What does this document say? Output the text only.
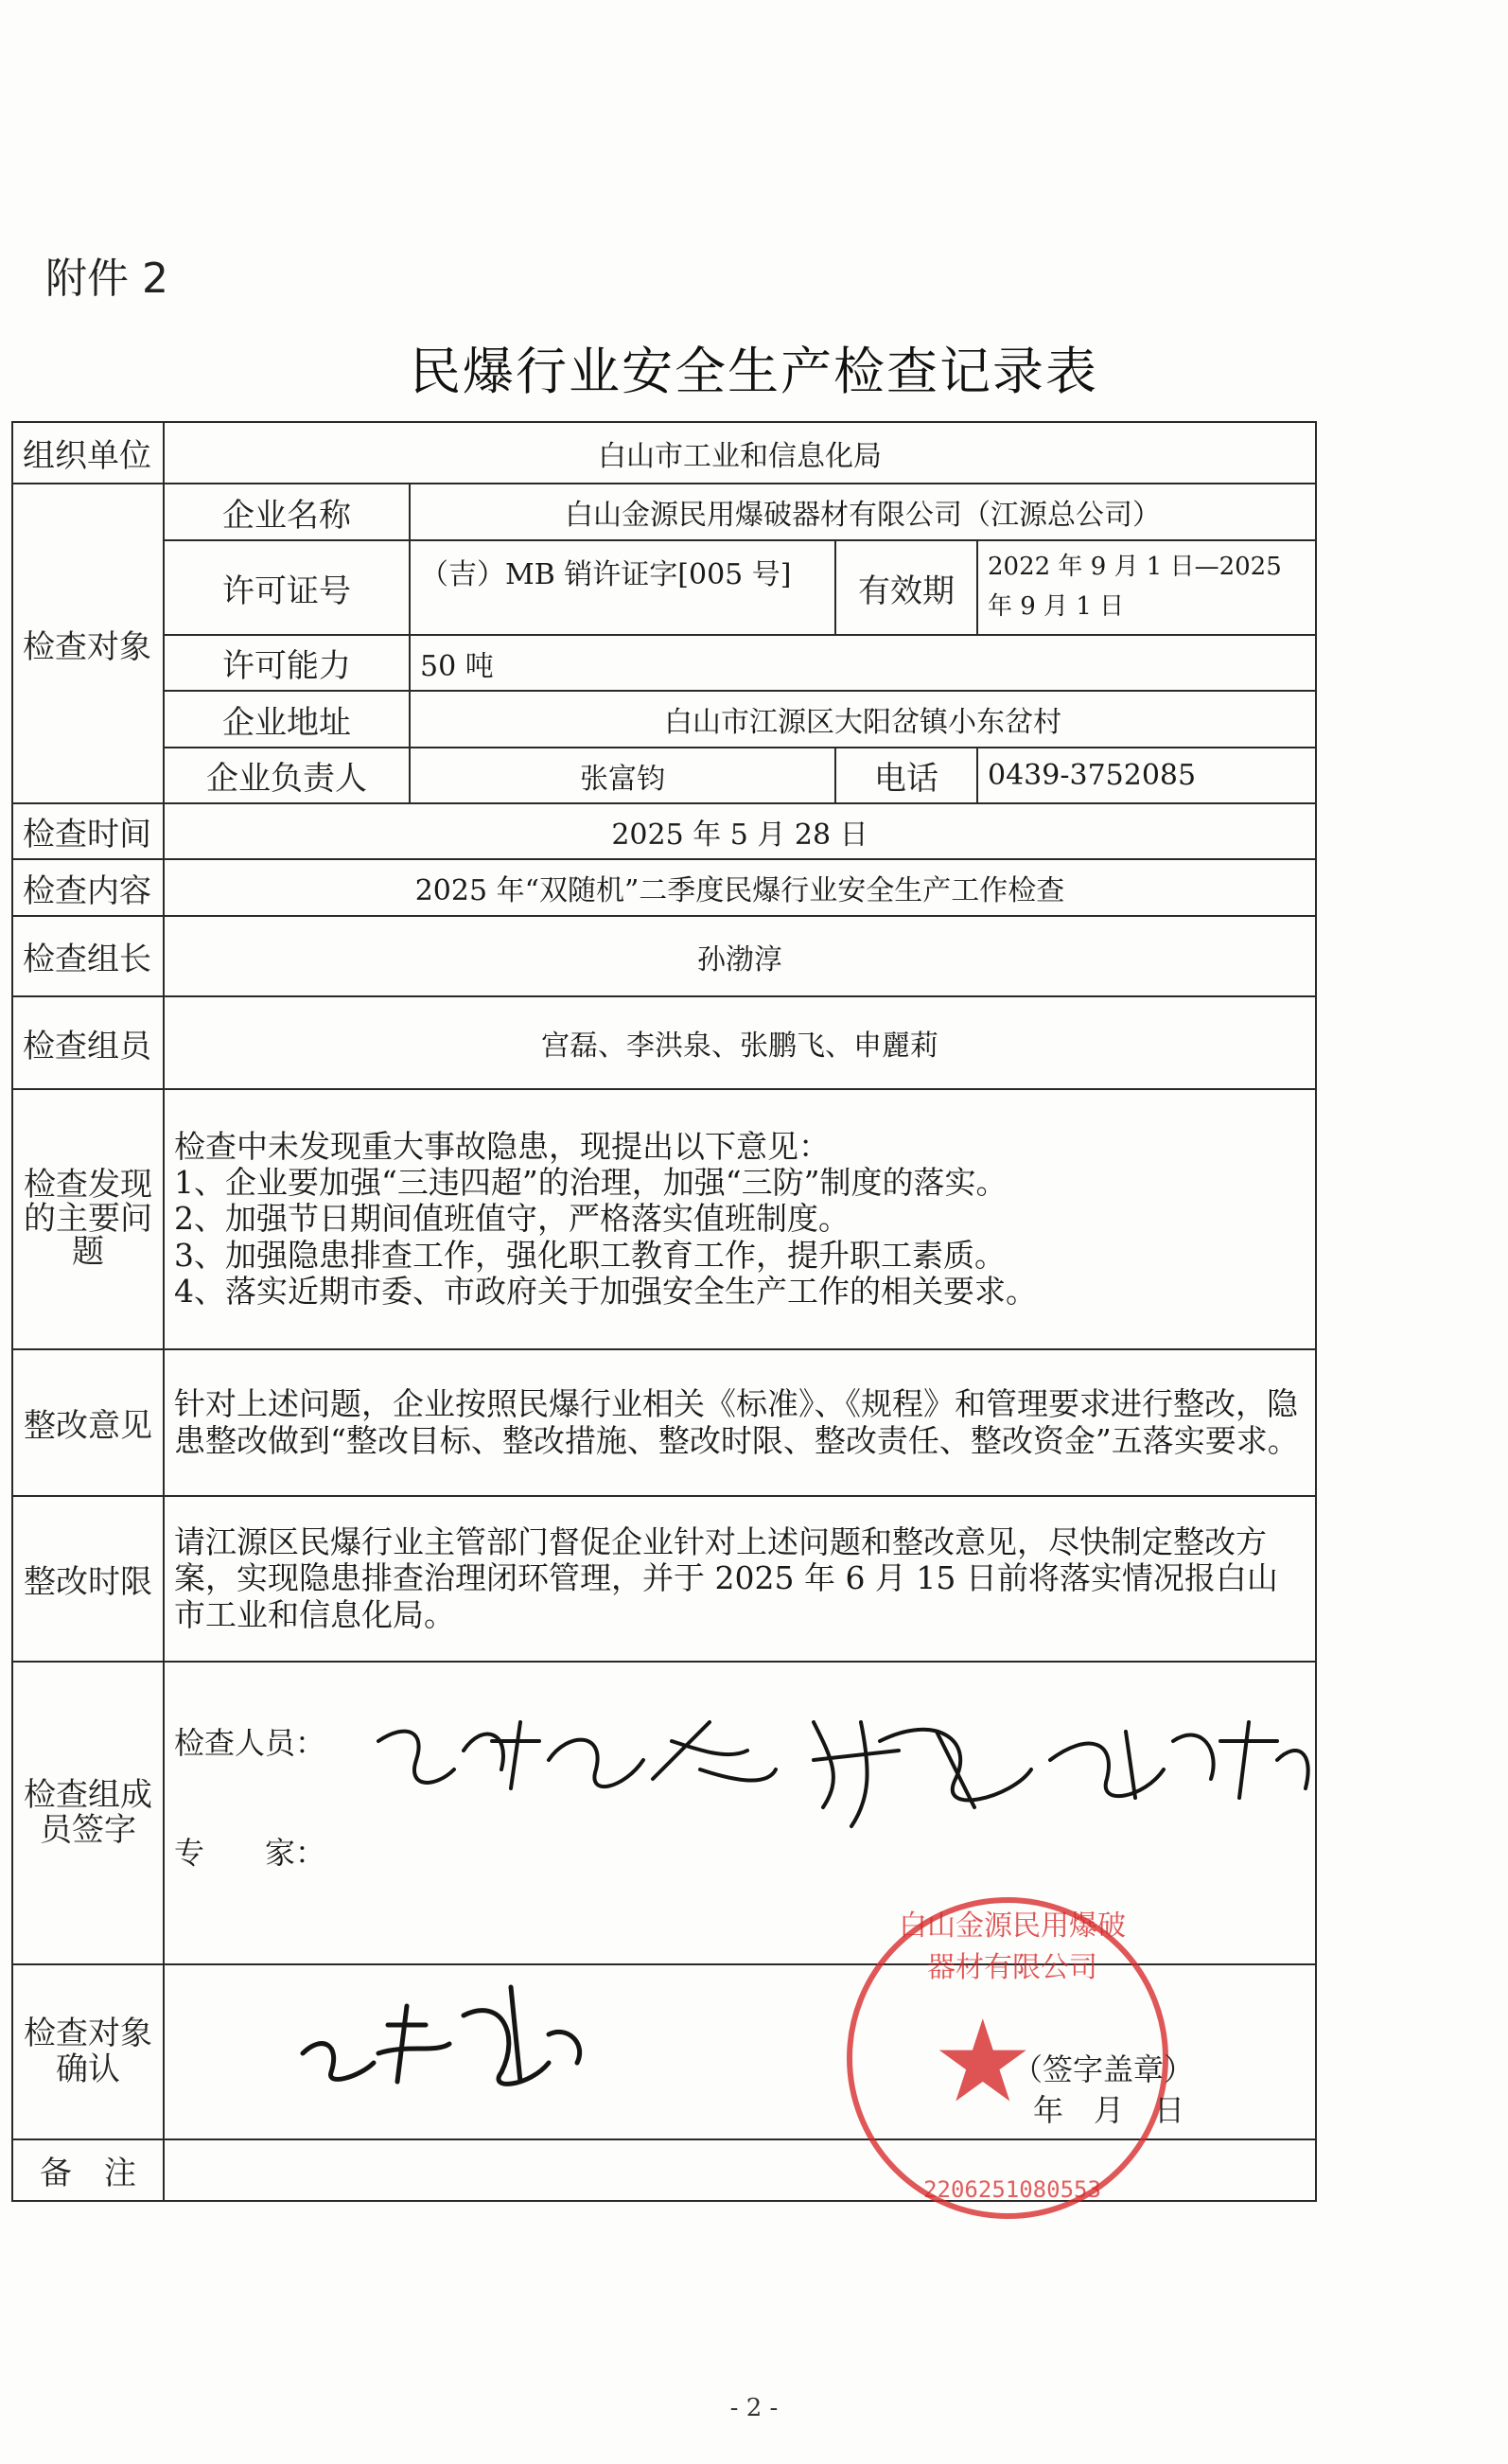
附件 2
民爆行业安全生产检查记录表
组织单位	白山市工业和信息化局			
检查对象	企业名称	白山金源民用爆破器材有限公司（江源总公司）		
	许可证号	（吉）MB 销许证字[005 号]	有效期	2022 年 9 月 1 日—2025 年 9 月 1 日
	许可能力	50 吨		
	企业地址	白山市江源区大阳岔镇小东岔村		
	企业负责人	张富钧	电话	0439-3752085
检查时间	2025 年 5 月 28 日			
检查内容	2025 年“双随机”二季度民爆行业安全生产工作检查			
检查组长	孙渤淳			
检查组员	宫磊、李洪泉、张鹏飞、申麗莉			
检查发现的主要问题	检查中未发现重大事故隐患，现提出以下意见：
1、企业要加强“三违四超”的治理，加强“三防”制度的落实。
2、加强节日期间值班值守，严格落实值班制度。
3、加强隐患排查工作，强化职工教育工作，提升职工素质。
4、落实近期市委、市政府关于加强安全生产工作的相关要求。			

整改意见	针对上述问题，企业按照民爆行业相关《标准》、《规程》和管理要求进行整改，隐患整改做到“整改目标、整改措施、整改时限、整改责任、整改资金”五落实要求。			
整改时限	请江源区民爆行业主管部门督促企业针对上述问题和整改意见，尽快制定整改方案，实现隐患排查治理闭环管理，并于 2025 年 6 月 15 日前将落实情况报白山市工业和信息化局。			
检查组成员签字	检查人员：
专　　家：			

检查对象确认				
备　注				
白山金源民用爆破器材有限公司
★
2206251080553
（签字盖章）
年　月　日
- 2 -
